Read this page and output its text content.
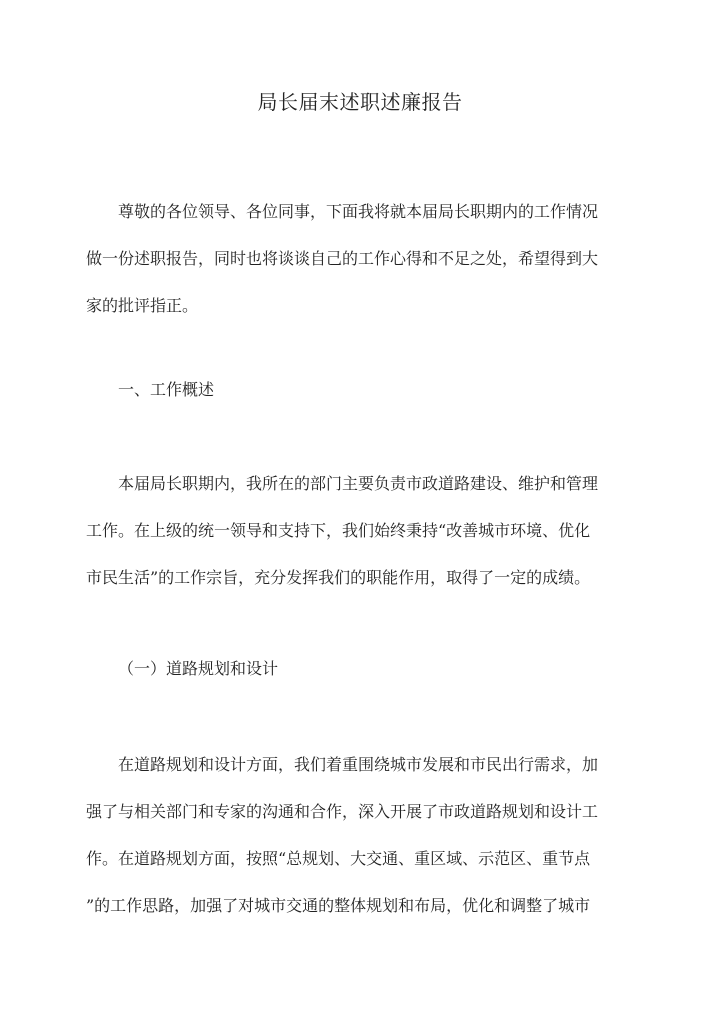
局长届末述职述廉报告

尊敬的各位领导、各位同事，下面我将就本届局长职期内的工作情况
做一份述职报告，同时也将谈谈自己的工作心得和不足之处，希望得到大
家的批评指正。

一、工作概述

本届局长职期内，我所在的部门主要负责市政道路建设、维护和管理
工作。在上级的统一领导和支持下，我们始终秉持“改善城市环境、优化
市民生活”的工作宗旨，充分发挥我们的职能作用，取得了一定的成绩。

（一）道路规划和设计

在道路规划和设计方面，我们着重围绕城市发展和市民出行需求，加
强了与相关部门和专家的沟通和合作，深入开展了市政道路规划和设计工
作。在道路规划方面，按照“总规划、大交通、重区域、示范区、重节点
”的工作思路，加强了对城市交通的整体规划和布局，优化和调整了城市
